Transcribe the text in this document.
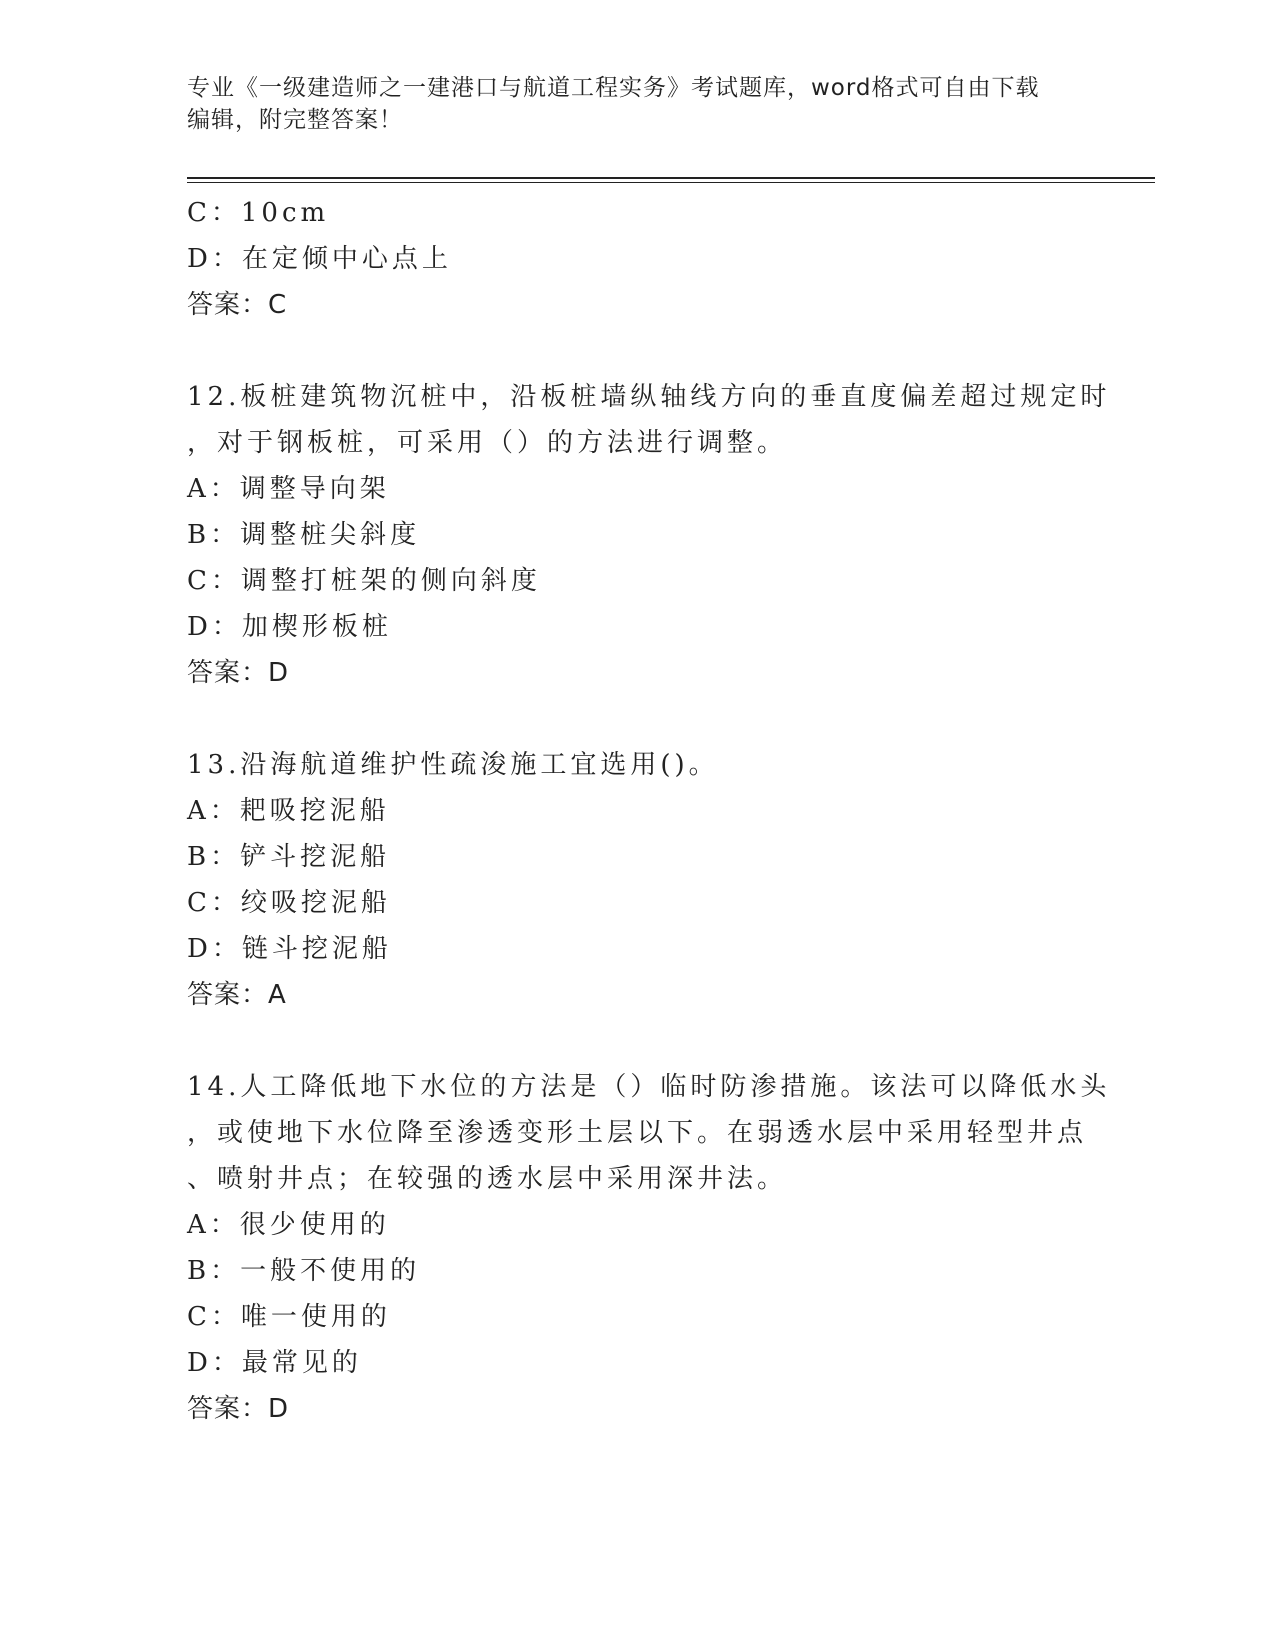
专业《一级建造师之一建港口与航道工程实务》考试题库，word格式可自由下载
编辑，附完整答案！
C：10cm
D：在定倾中心点上
答案：C
12.板桩建筑物沉桩中，沿板桩墙纵轴线方向的垂直度偏差超过规定时
，对于钢板桩，可采用（）的方法进行调整。
A：调整导向架
B：调整桩尖斜度
C：调整打桩架的侧向斜度
D：加楔形板桩
答案：D
13.沿海航道维护性疏浚施工宜选用()。
A：耙吸挖泥船
B：铲斗挖泥船
C：绞吸挖泥船
D：链斗挖泥船
答案：A
14.人工降低地下水位的方法是（）临时防渗措施。该法可以降低水头
，或使地下水位降至渗透变形土层以下。在弱透水层中采用轻型井点
、喷射井点；在较强的透水层中采用深井法。
A：很少使用的
B：一般不使用的
C：唯一使用的
D：最常见的
答案：D
